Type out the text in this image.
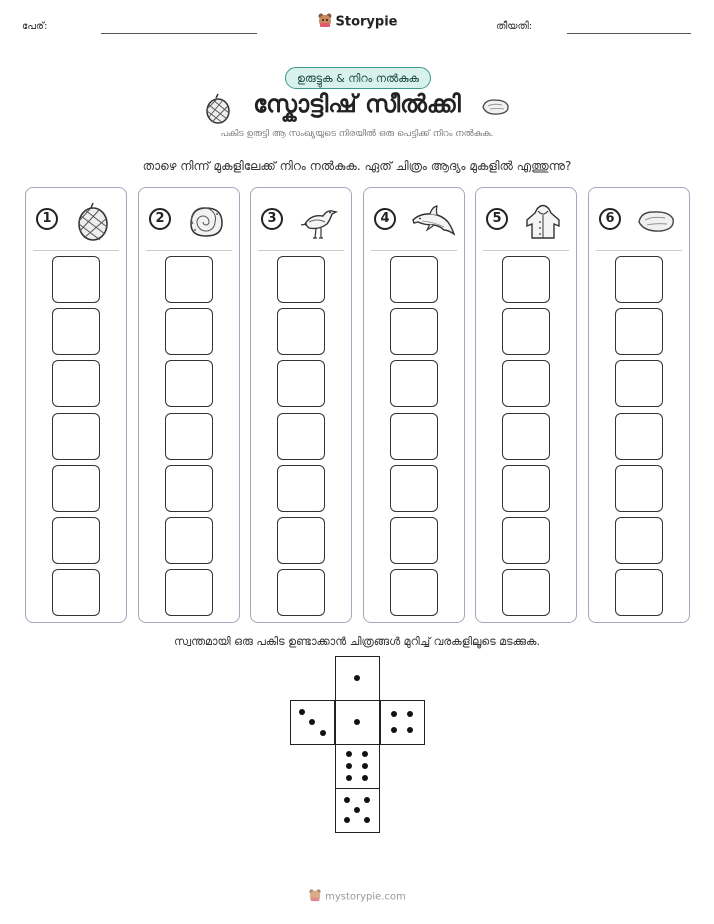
പേര്:	Storypie	തീയതി:
ഉരുട്ടുക & നിറം നൽകുക
സ്കോട്ടിഷ് സീൽക്കി
പകിട ഉരുട്ടി ആ സംഖ്യയുടെ നിരയിൽ ഒരു പെട്ടിക്ക് നിറം നൽകുക.
താഴെ നിന്ന് മുകളിലേക്ക് നിറം നൽകുക. ഏത് ചിത്രം ആദ്യം മുകളിൽ എത്തുന്നു?
1	2	3	4	5	6
സ്വന്തമായി ഒരു പകിട ഉണ്ടാക്കാൻ ചിത്രങ്ങൾ മുറിച്ച് വരകളിലൂടെ മടക്കുക.
mystorypie.com
